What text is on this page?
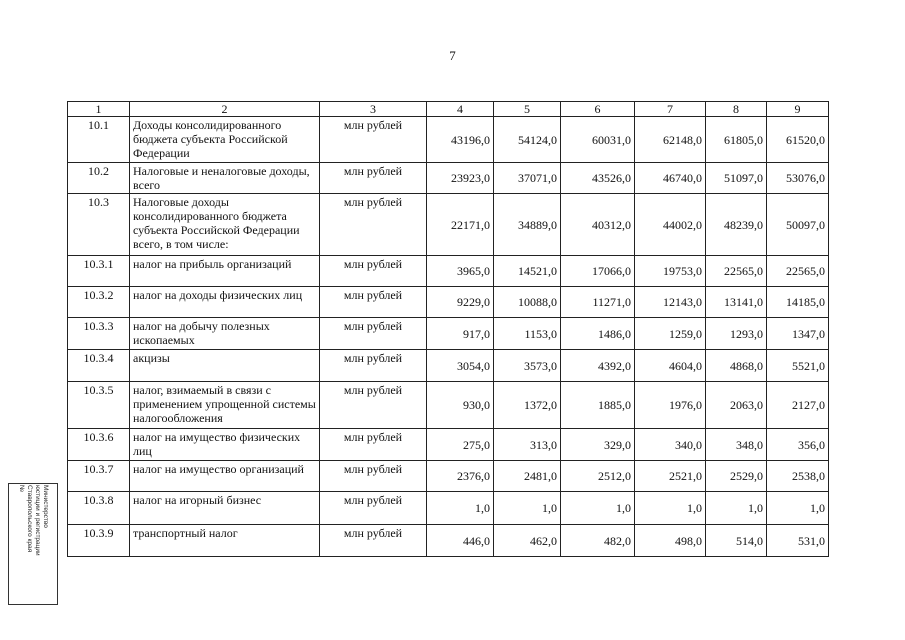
7
1	2	3	4	5	6	7	8	9
10.1	Доходы консолидированного бюджета субъекта Российской Федерации	млн рублей	43196,0	54124,0	60031,0	62148,0	61805,0	61520,0
10.2	Налоговые и неналоговые доходы, всего	млн рублей	23923,0	37071,0	43526,0	46740,0	51097,0	53076,0
10.3	Налоговые доходы консолидированного бюджета субъекта Российской Федерации всего, в том числе:	млн рублей	22171,0	34889,0	40312,0	44002,0	48239,0	50097,0
10.3.1	налог на прибыль организаций	млн рублей	3965,0	14521,0	17066,0	19753,0	22565,0	22565,0
10.3.2	налог на доходы физических лиц	млн рублей	9229,0	10088,0	11271,0	12143,0	13141,0	14185,0
10.3.3	налог на добычу полезных ископаемых	млн рублей	917,0	1153,0	1486,0	1259,0	1293,0	1347,0
10.3.4	акцизы	млн рублей	3054,0	3573,0	4392,0	4604,0	4868,0	5521,0
10.3.5	налог, взимаемый в связи с применением упрощенной системы налогообложения	млн рублей	930,0	1372,0	1885,0	1976,0	2063,0	2127,0
10.3.6	налог на имущество физических лиц	млн рублей	275,0	313,0	329,0	340,0	348,0	356,0
10.3.7	налог на имущество организаций	млн рублей	2376,0	2481,0	2512,0	2521,0	2529,0	2538,0
10.3.8	налог на игорный бизнес	млн рублей	1,0	1,0	1,0	1,0	1,0	1,0
10.3.9	транспортный налог	млн рублей	446,0	462,0	482,0	498,0	514,0	531,0
Министерство
юстиции и регистрации
Ставропольского края
№
